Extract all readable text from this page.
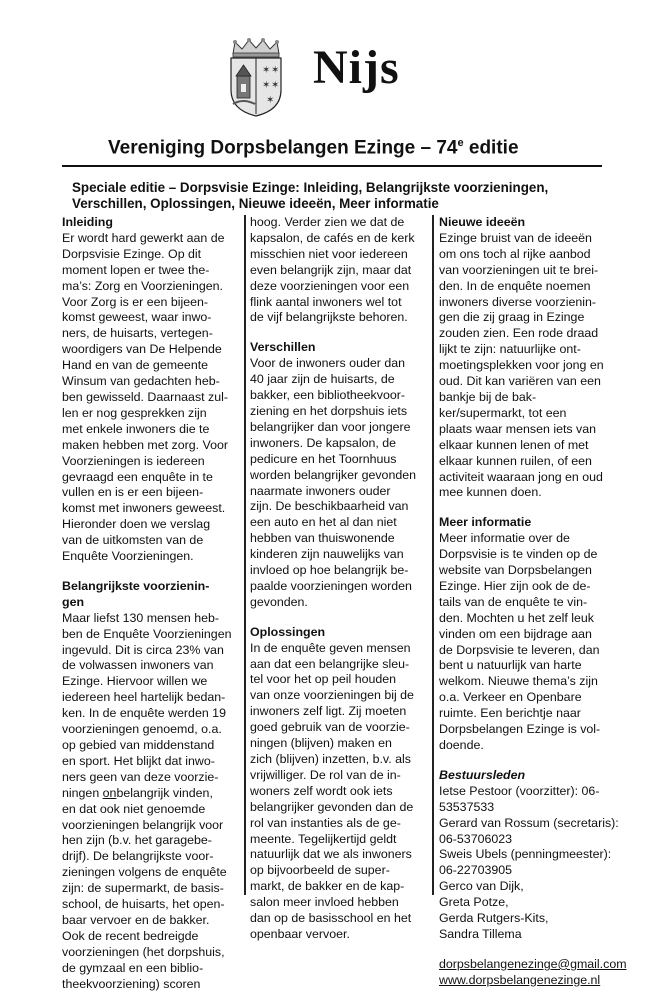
✶ ✶
✶ ✶
✶
Nijs
Vereniging Dorpsbelangen Ezinge – 74e editie
Speciale editie – Dorpsvisie Ezinge: Inleiding, Belangrijkste voorzieningen, Verschillen, Oplossingen, Nieuwe ideeën, Meer informatie

Inleiding

Er wordt hard gewerkt aan de

Dorpsvisie Ezinge. Op dit

moment lopen er twee the-

ma’s: Zorg en Voorzieningen.

Voor Zorg is er een bijeen-

komst geweest, waar inwo-

ners, de huisarts, vertegen-

woordigers van De Helpende

Hand en van de gemeente

Winsum van gedachten heb-

ben gewisseld. Daarnaast zul-

len er nog gesprekken zijn

met enkele inwoners die te

maken hebben met zorg. Voor

Voorzieningen is iedereen

gevraagd een enquête in te

vullen en is er een bijeen-

komst met inwoners geweest.

Hieronder doen we verslag

van de uitkomsten van de

Enquête Voorzieningen.

Belangrijkste voorzienin-

gen

Maar liefst 130 mensen heb-

ben de Enquête Voorzieningen

ingevuld. Dit is circa 23% van

de volwassen inwoners van

Ezinge. Hiervoor willen we

iedereen heel hartelijk bedan-

ken. In de enquête werden 19

voorzieningen genoemd, o.a.

op gebied van middenstand

en sport. Het blijkt dat inwo-

ners geen van deze voorzie-

ningen onbelangrijk vinden,

en dat ook niet genoemde

voorzieningen belangrijk voor

hen zijn (b.v. het garagebe-

drijf). De belangrijkste voor-

zieningen volgens de enquête

zijn: de supermarkt, de basis-

school, de huisarts, het open-

baar vervoer en de bakker.

Ook de recent bedreigde

voorzieningen (het dorpshuis,

de gymzaal en een biblio-

theekvoorziening) scoren

hoog. Verder zien we dat de

kapsalon, de cafés en de kerk

misschien niet voor iedereen

even belangrijk zijn, maar dat

deze voorzieningen voor een

flink aantal inwoners wel tot

de vijf belangrijkste behoren.

Verschillen

Voor de inwoners ouder dan

40 jaar zijn de huisarts, de

bakker, een bibliotheekvoor-

ziening en het dorpshuis iets

belangrijker dan voor jongere

inwoners. De kapsalon, de

pedicure en het Toornhuus

worden belangrijker gevonden

naarmate inwoners ouder

zijn. De beschikbaarheid van

een auto en het al dan niet

hebben van thuiswonende

kinderen zijn nauwelijks van

invloed op hoe belangrijk be-

paalde voorzieningen worden

gevonden.

Oplossingen

In de enquête geven mensen

aan dat een belangrijke sleu-

tel voor het op peil houden

van onze voorzieningen bij de

inwoners zelf ligt. Zij moeten

goed gebruik van de voorzie-

ningen (blijven) maken en

zich (blijven) inzetten, b.v. als

vrijwilliger. De rol van de in-

woners zelf wordt ook iets

belangrijker gevonden dan de

rol van instanties als de ge-

meente. Tegelijkertijd geldt

natuurlijk dat we als inwoners

op bijvoorbeeld de super-

markt, de bakker en de kap-

salon meer invloed hebben

dan op de basisschool en het

openbaar vervoer.

Nieuwe ideeën

Ezinge bruist van de ideeën

om ons toch al rijke aanbod

van voorzieningen uit te brei-

den. In de enquête noemen

inwoners diverse voorzienin-

gen die zij graag in Ezinge

zouden zien. Een rode draad

lijkt te zijn: natuurlijke ont-

moetingsplekken voor jong en

oud. Dit kan variëren van een

bankje bij de bak-

ker/supermarkt, tot een

plaats waar mensen iets van

elkaar kunnen lenen of met

elkaar kunnen ruilen, of een

activiteit waaraan jong en oud

mee kunnen doen.

Meer informatie

Meer informatie over de

Dorpsvisie is te vinden op de

website van Dorpsbelangen

Ezinge. Hier zijn ook de de-

tails van de enquête te vin-

den. Mochten u het zelf leuk

vinden om een bijdrage aan

de Dorpsvisie te leveren, dan

bent u natuurlijk van harte

welkom. Nieuwe thema’s zijn

o.a. Verkeer en Openbare

ruimte. Een berichtje naar

Dorpsbelangen Ezinge is vol-

doende.

Bestuursleden

Ietse Pestoor (voorzitter): 06-

53537533

Gerard van Rossum (secretaris):

06-53706023

Sweis Ubels (penningmeester):

06-22703905

Gerco van Dijk,

Greta Potze,

Gerda Rutgers-Kits,

Sandra Tillema

dorpsbelangenezinge@gmail.com

www.dorpsbelangenezinge.nl
